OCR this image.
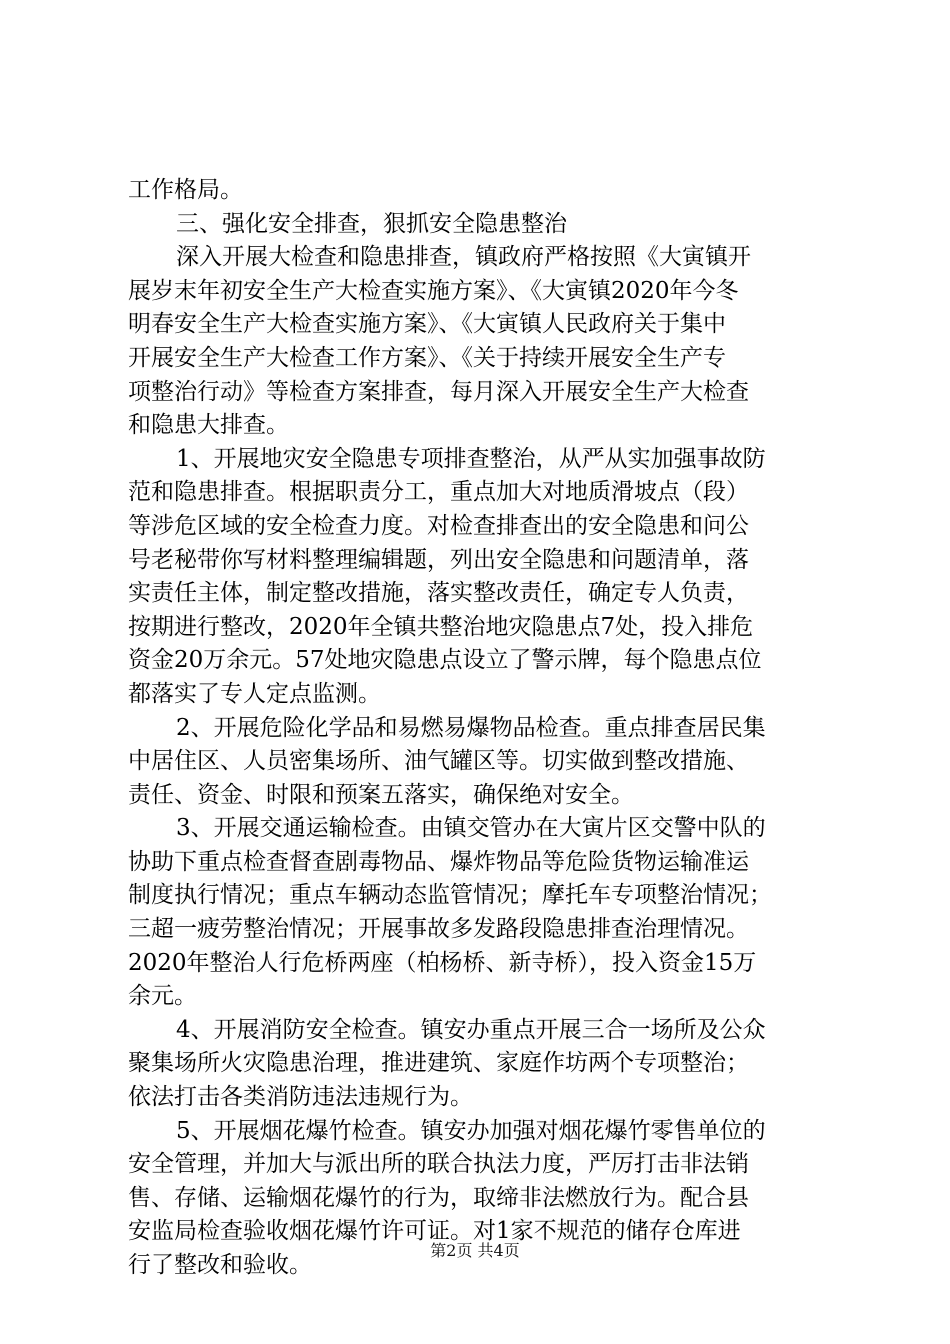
工作格局。
三、强化安全排查，狠抓安全隐患整治
深入开展大检查和隐患排查，镇政府严格按照《大寅镇开
展岁末年初安全生产大检查实施方案》、《大寅镇2020年今冬
明春安全生产大检查实施方案》、《大寅镇人民政府关于集中
开展安全生产大检查工作方案》、《关于持续开展安全生产专
项整治行动》等检查方案排查，每月深入开展安全生产大检查
和隐患大排查。
1、开展地灾安全隐患专项排查整治，从严从实加强事故防
范和隐患排查。根据职责分工，重点加大对地质滑坡点（段）
等涉危区域的安全检查力度。对检查排查出的安全隐患和问公
号老秘带你写材料整理编辑题，列出安全隐患和问题清单，落
实责任主体，制定整改措施，落实整改责任，确定专人负责，
按期进行整改，2020年全镇共整治地灾隐患点7处，投入排危
资金20万余元。57处地灾隐患点设立了警示牌，每个隐患点位
都落实了专人定点监测。
2、开展危险化学品和易燃易爆物品检查。重点排查居民集
中居住区、人员密集场所、油气罐区等。切实做到整改措施、
责任、资金、时限和预案五落实，确保绝对安全。
3、开展交通运输检查。由镇交管办在大寅片区交警中队的
协助下重点检查督查剧毒物品、爆炸物品等危险货物运输准运
制度执行情况；重点车辆动态监管情况；摩托车专项整治情况；
三超一疲劳整治情况；开展事故多发路段隐患排查治理情况。
2020年整治人行危桥两座（柏杨桥、新寺桥），投入资金15万
余元。
4、开展消防安全检查。镇安办重点开展三合一场所及公众
聚集场所火灾隐患治理，推进建筑、家庭作坊两个专项整治；
依法打击各类消防违法违规行为。
5、开展烟花爆竹检查。镇安办加强对烟花爆竹零售单位的
安全管理，并加大与派出所的联合执法力度，严厉打击非法销
售、存储、运输烟花爆竹的行为，取缔非法燃放行为。配合县
安监局检查验收烟花爆竹许可证。对1家不规范的储存仓库进
行了整改和验收。
第2页 共4页
